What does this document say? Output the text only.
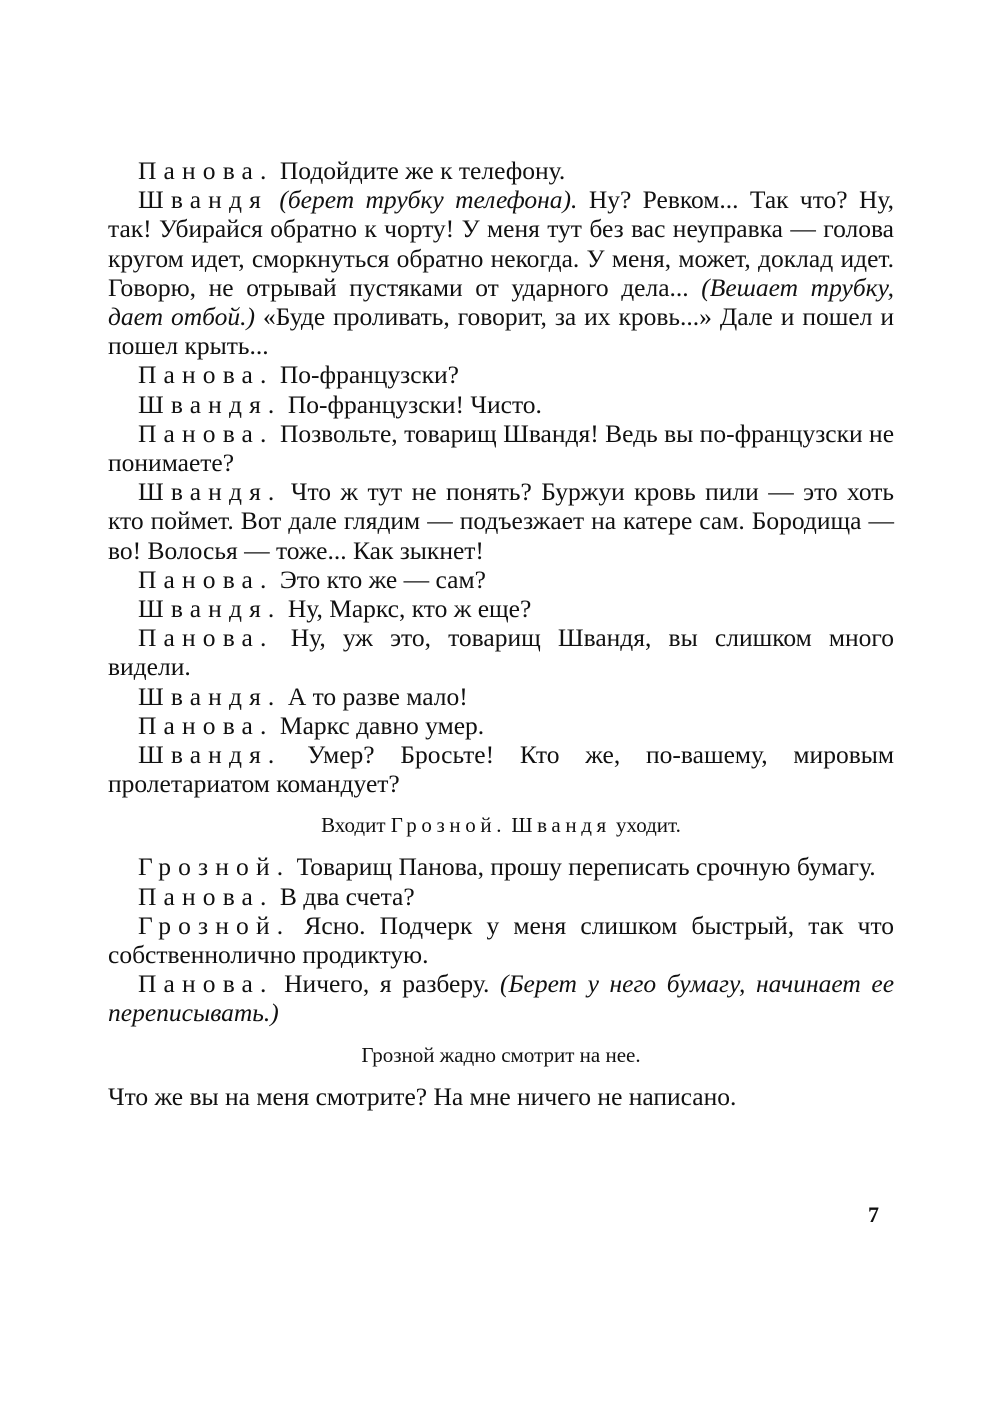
Панова. Подойдите же к телефону.

Швандя (берет трубку телефона). Ну? Ревком... Так что? Ну, так! Убирайся обратно к чорту! У меня тут без вас неуправка — голова кругом идет, сморкнуться обратно некогда. У меня, может, доклад идет. Говорю, не отрывай пустяками от ударного дела... (Вешает трубку, дает отбой.) «Буде проливать, говорит, за их кровь...» Дале и пошел и пошел крыть...

Панова. По-французски?

Швандя. По-французски! Чисто.

Панова. Позвольте, товарищ Швандя! Ведь вы по-французски не понимаете?

Швандя. Что ж тут не понять? Буржуи кровь пили — это хоть кто поймет. Вот дале глядим — подъезжает на катере сам. Бородища — во! Волосья — тоже... Как зыкнет!

Панова. Это кто же — сам?

Швандя. Ну, Маркс, кто ж еще?

Панова. Ну, уж это, товарищ Швандя, вы слишком много видели.

Швандя. А то разве мало!

Панова. Маркс давно умер.

Швандя. Умер? Бросьте! Кто же, по-вашему, мировым пролетариатом командует?

Входит Грозной. Швандя уходит.

Грозной. Товарищ Панова, прошу переписать срочную бумагу.

Панова. В два счета?

Грозной. Ясно. Подчерк у меня слишком быстрый, так что собственнолично продиктую.

Панова. Ничего, я разберу. (Берет у него бумагу, начинает ее переписывать.)

Грозной жадно смотрит на нее.

Что же вы на меня смотрите? На мне ничего не написано.

7
